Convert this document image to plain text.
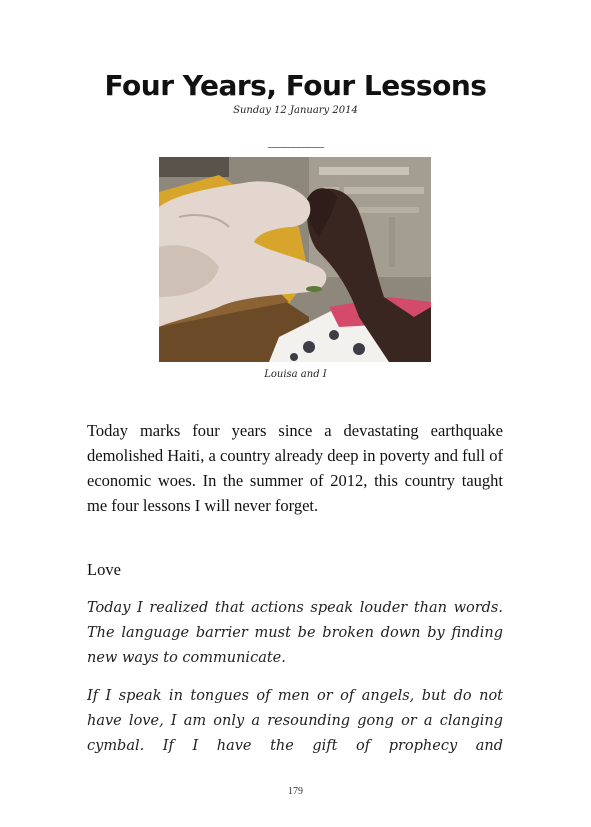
Four Years, Four Lessons
Sunday 12 January 2014
___________
Louisa and I
Today marks four years since a devastating earthquake demolished Haiti, a country already deep in poverty and full of economic woes. In the summer of 2012, this country taught me four lessons I will never forget.
Love
Today I realized that actions speak louder than words. The language barrier must be broken down by finding new ways to communicate.
If I speak in tongues of men or of angels, but do not have love, I am only a resounding gong or a clanging cymbal. If I have the gift of prophecy and
179
